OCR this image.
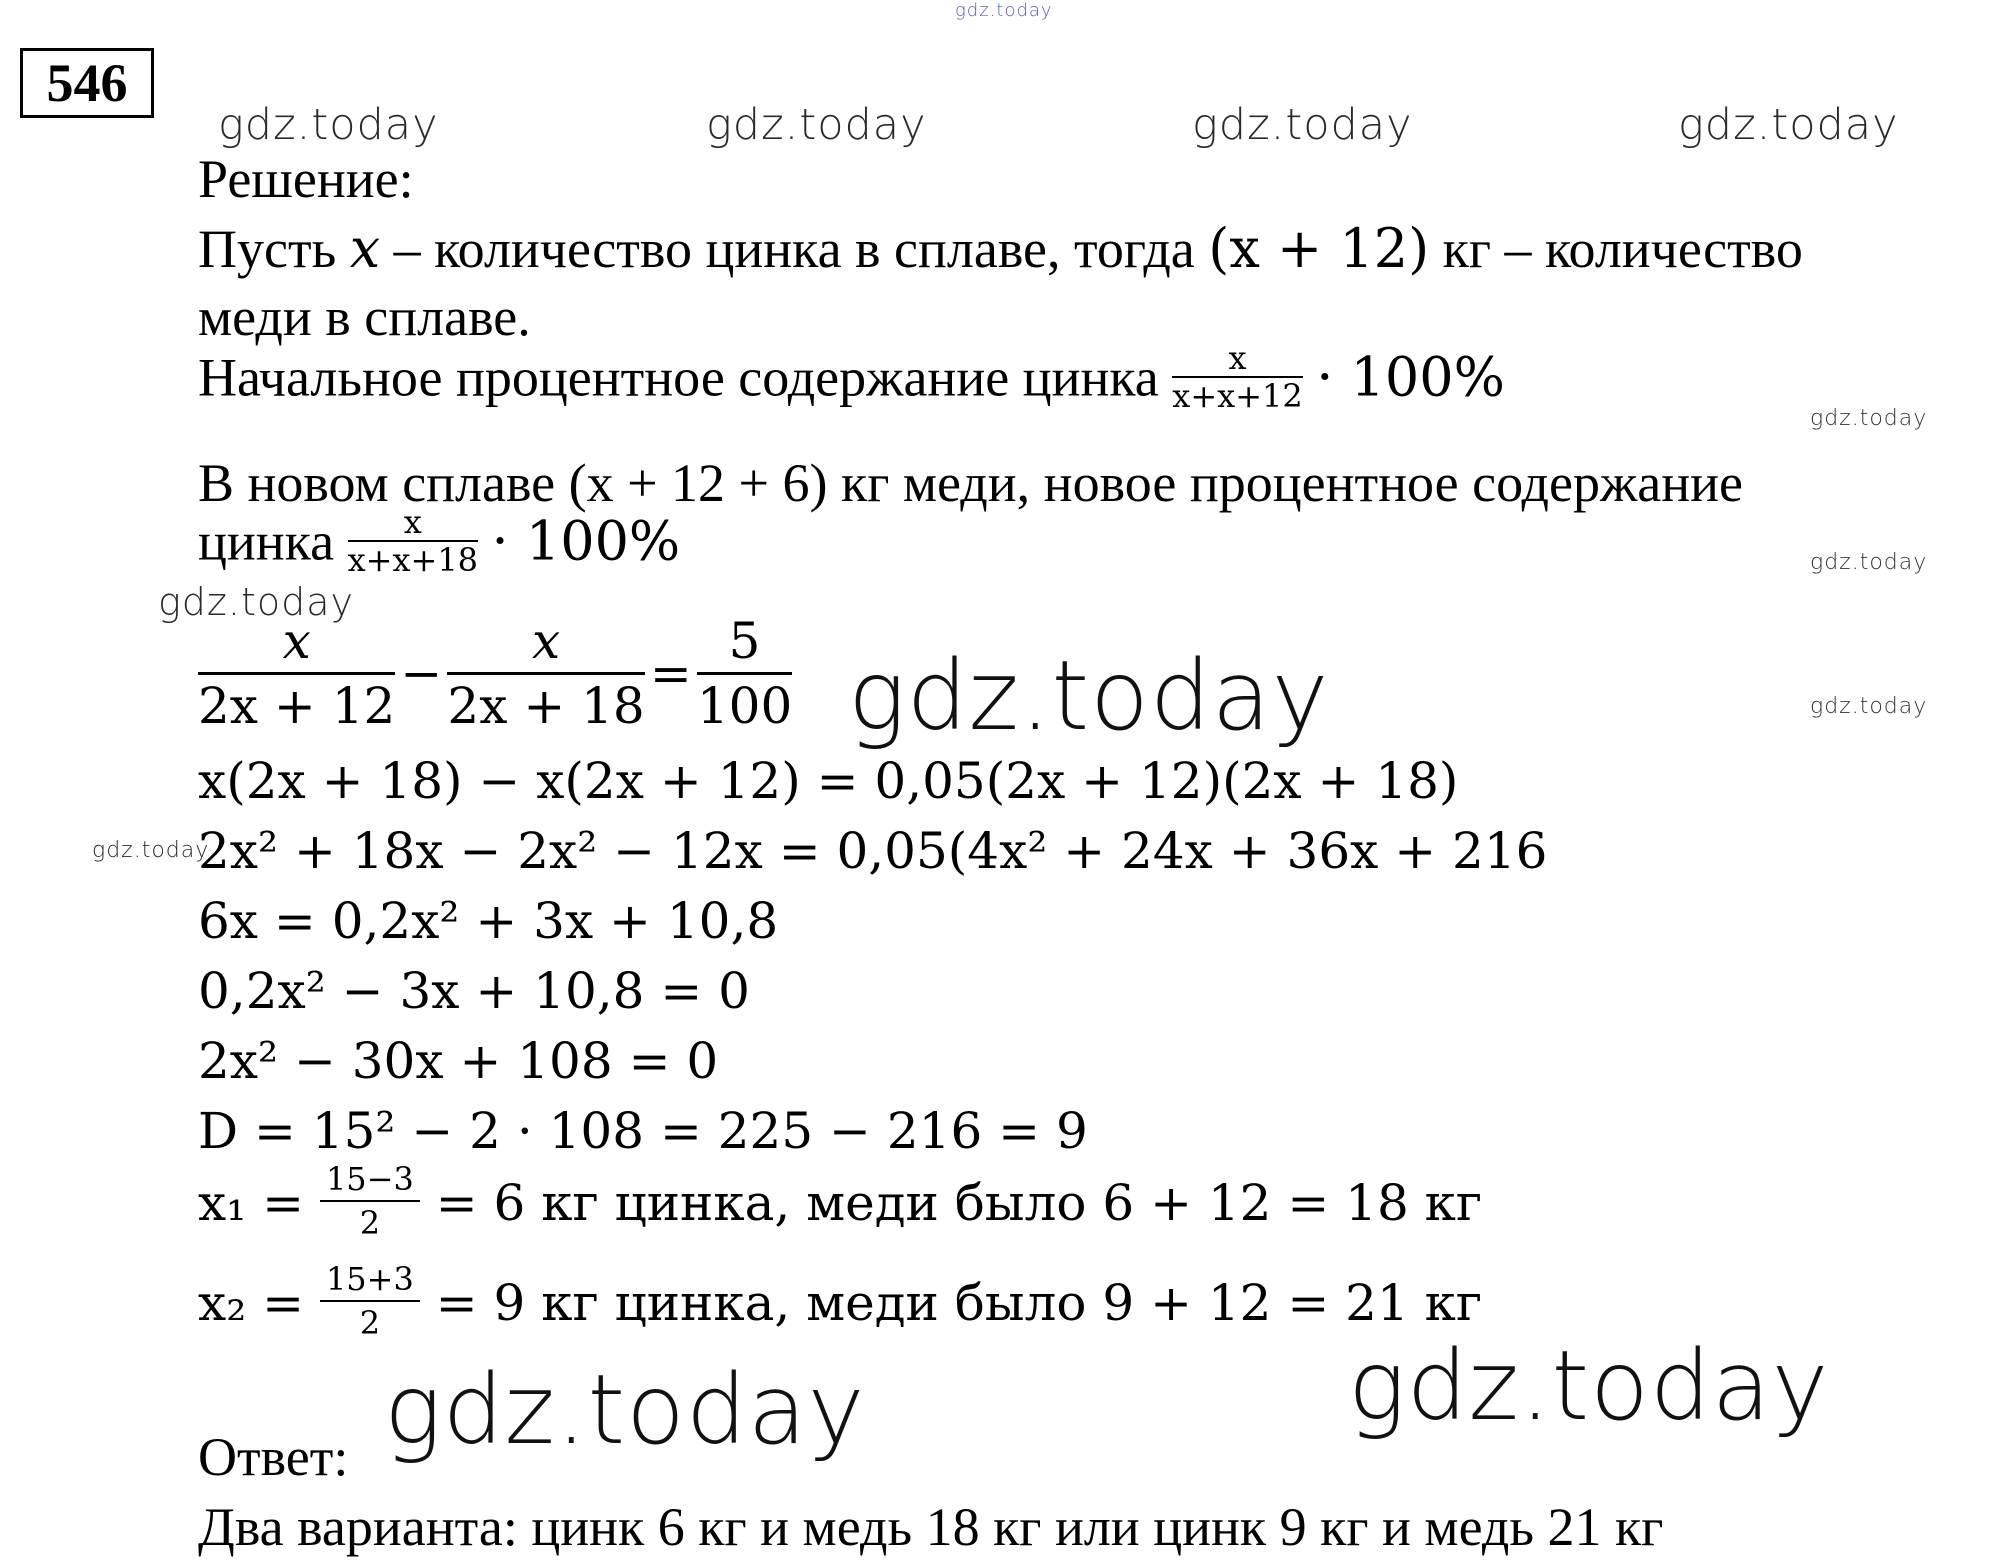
gdz.today
546
gdz.today	gdz.today	gdz.today	gdz.today
Решение:
Пусть x – количество цинка в сплаве, тогда (x + 12) кг – количество
меди в сплаве.
Начальное процентное содержание цинка $\frac{x}{x+x+12} \cdot 100\%$
gdz.today
В новом сплаве (x + 12 + 6) кг меди, новое процентное содержание
цинка $\frac{x}{x+x+18} \cdot 100\%$	gdz.today
gdz.today
$\frac{x}{2x + 12} - \frac{x}{2x + 18} = \frac{5}{100}$ gdz.today	gdz.today
x(2x + 18) − x(2x + 12) = 0,05(2x + 12)(2x + 18)
gdz.today
2x² + 18x − 2x² − 12x = 0,05(4x² + 24x + 36x + 216
6x = 0,2x² + 3x + 10,8
0,2x² − 3x + 10,8 = 0
2x² − 30x + 108 = 0
D = 15² − 2 · 108 = 225 − 216 = 9
$x_1 = \frac{15-3}{2} = 6$ кг цинка, меди было 6 + 12 = 18 кг
$x_2 = \frac{15+3}{2} = 9$ кг цинка, меди было 9 + 12 = 21 кг
gdz.today
gdz.today
Ответ:
Два варианта: цинк 6 кг и медь 18 кг или цинк 9 кг и медь 21 кг
